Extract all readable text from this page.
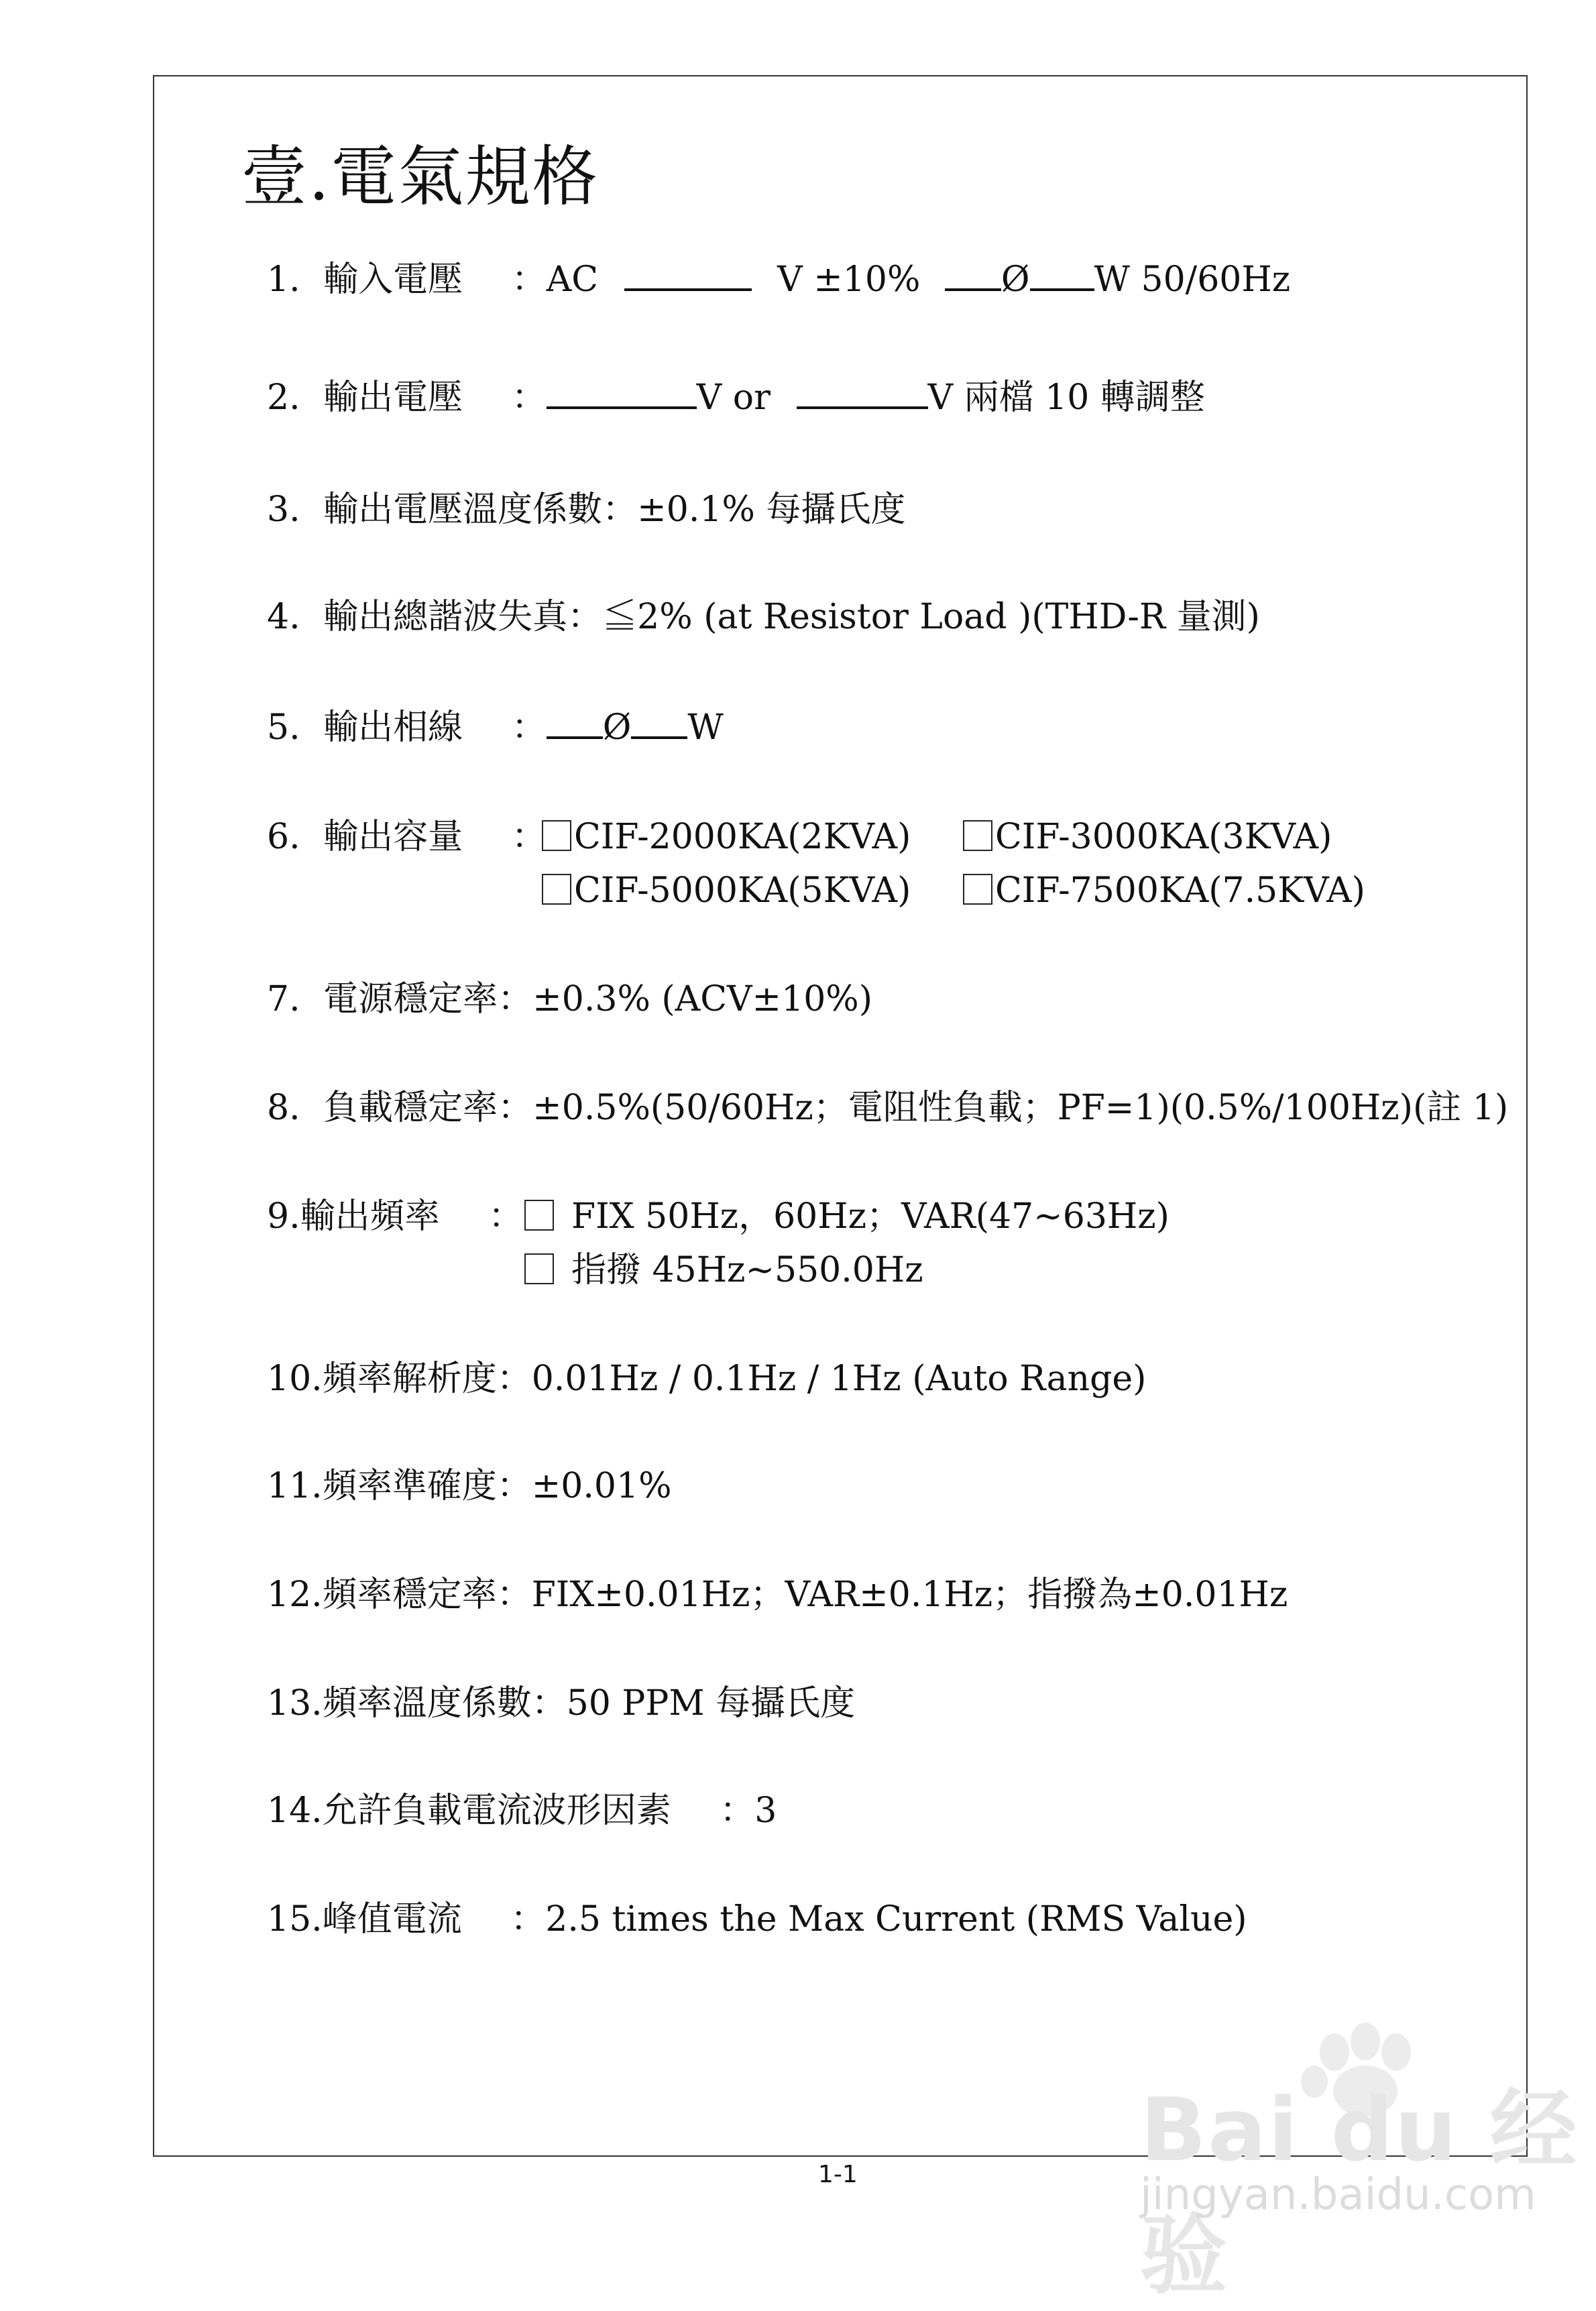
壹.電氣規格
1. 輸入電壓 ：AC	V ±10% Ø W 50/60Hz
2. 輸出電壓 ：	V or	V 兩檔 10 轉調整
3. 輸出電壓溫度係數：±0.1% 每攝氏度
4. 輸出總諧波失真：≦2% (at Resistor Load )(THD-R 量測)
5. 輸出相線 ： Ø W
6. 輸出容量 ： CIF-2000KA(2KVA)	CIF-3000KA(3KVA)
CIF-5000KA(5KVA)	CIF-7500KA(7.5KVA)
7. 電源穩定率：±0.3% (ACV±10%)
8. 負載穩定率：±0.5%(50/60Hz；電阻性負載；PF=1)(0.5%/100Hz)(註 1)
9.輸出頻率 ：	FIX 50Hz，60Hz；VAR(47~63Hz)
指撥 45Hz~550.0Hz
10.頻率解析度：0.01Hz / 0.1Hz / 1Hz (Auto Range)
11.頻率準確度：±0.01%
12.頻率穩定率：FIX±0.01Hz；VAR±0.1Hz；指撥為±0.01Hz
13.頻率溫度係數：50 PPM 每攝氏度
14.允許負載電流波形因素 ：3
15.峰值電流 ：2.5 times the Max Current (RMS Value)
1-1	Bai du 经验
jingyan.baidu.com
